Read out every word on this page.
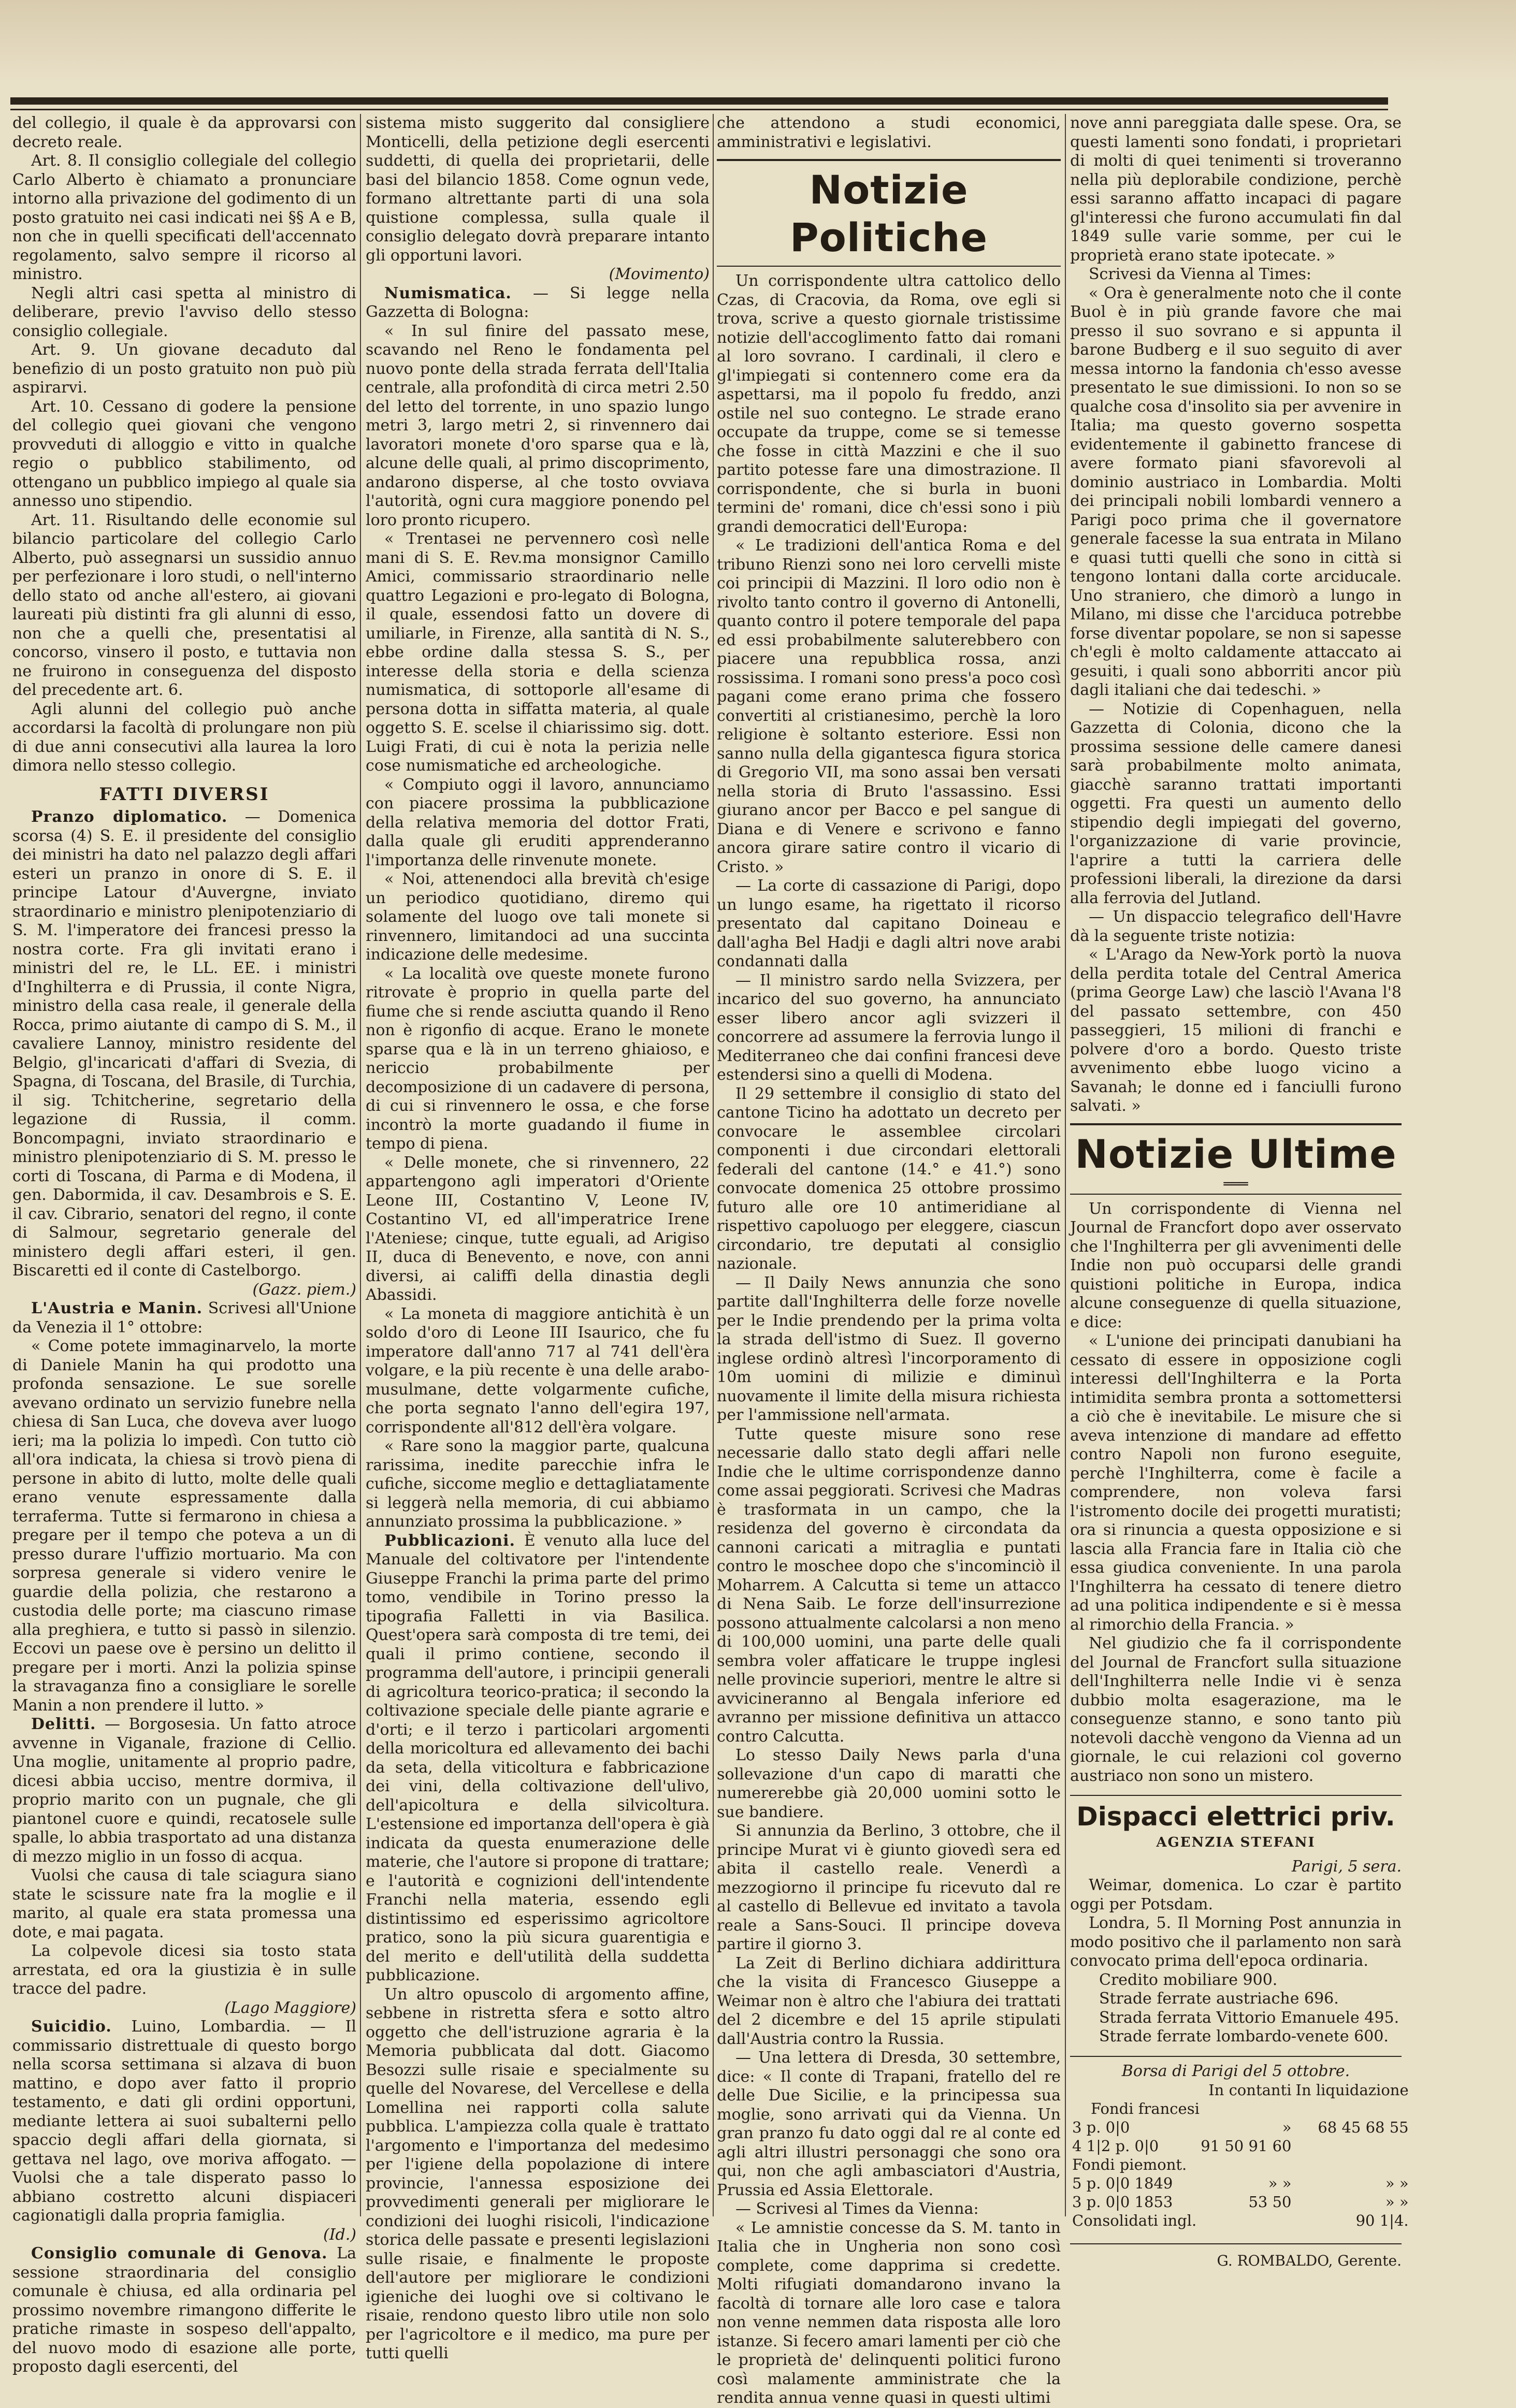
del collegio, il quale è da approvarsi con decreto reale.

Art. 8. Il consiglio collegiale del collegio Carlo Alberto è chiamato a pronunciare intorno alla privazione del godimento di un posto gratuito nei casi indicati nei §§ A e B, non che in quelli specificati dell'accennato regolamento, salvo sempre il ricorso al ministro.

Negli altri casi spetta al ministro di deliberare, previo l'avviso dello stesso consiglio collegiale.

Art. 9. Un giovane decaduto dal benefizio di un posto gratuito non può più aspirarvi.

Art. 10. Cessano di godere la pensione del collegio quei giovani che vengono provveduti di alloggio e vitto in qualche regio o pubblico stabilimento, od ottengano un pubblico impiego al quale sia annesso uno stipendio.

Art. 11. Risultando delle economie sul bilancio particolare del collegio Carlo Alberto, può assegnarsi un sussidio annuo per perfezionare i loro studi, o nell'interno dello stato od anche all'estero, ai giovani laureati più distinti fra gli alunni di esso, non che a quelli che, presentatisi al concorso, vinsero il posto, e tuttavia non ne fruirono in conseguenza del disposto del precedente art. 6.

Agli alunni del collegio può anche accordarsi la facoltà di prolungare non più di due anni consecutivi alla laurea la loro dimora nello stesso collegio.

FATTI DIVERSI

Pranzo diplomatico. — Domenica scorsa (4) S. E. il presidente del consiglio dei ministri ha dato nel palazzo degli affari esteri un pranzo in onore di S. E. il principe Latour d'Auvergne, inviato straordinario e ministro plenipotenziario di S. M. l'imperatore dei francesi presso la nostra corte. Fra gli invitati erano i ministri del re, le LL. EE. i ministri d'Inghilterra e di Prussia, il conte Nigra, ministro della casa reale, il generale della Rocca, primo aiutante di campo di S. M., il cavaliere Lannoy, ministro residente del Belgio, gl'incaricati d'affari di Svezia, di Spagna, di Toscana, del Brasile, di Turchia, il sig. Tchitcherine, segretario della legazione di Russia, il comm. Boncompagni, inviato straordinario e ministro plenipotenziario di S. M. presso le corti di Toscana, di Parma e di Modena, il gen. Dabormida, il cav. Desambrois e S. E. il cav. Cibrario, senatori del regno, il conte di Salmour, segretario generale del ministero degli affari esteri, il gen. Biscaretti ed il conte di Castelborgo.

(Gazz. piem.)

L'Austria e Manin. Scrivesi all'Unione da Venezia il 1° ottobre:

« Come potete immaginarvelo, la morte di Daniele Manin ha qui prodotto una profonda sensazione. Le sue sorelle avevano ordinato un servizio funebre nella chiesa di San Luca, che doveva aver luogo ieri; ma la polizia lo impedì. Con tutto ciò all'ora indicata, la chiesa si trovò piena di persone in abito di lutto, molte delle quali erano venute espressamente dalla terraferma. Tutte si fermarono in chiesa a pregare per il tempo che poteva a un di presso durare l'uffizio mortuario. Ma con sorpresa generale si videro venire le guardie della polizia, che restarono a custodia delle porte; ma ciascuno rimase alla preghiera, e tutto si passò in silenzio. Eccovi un paese ove è persino un delitto il pregare per i morti. Anzi la polizia spinse la stravaganza fino a consigliare le sorelle Manin a non prendere il lutto. »

Delitti. — Borgosesia. Un fatto atroce avvenne in Viganale, frazione di Cellio. Una moglie, unitamente al proprio padre, dicesi abbia ucciso, mentre dormiva, il proprio marito con un pugnale, che gli piantonel cuore e quindi, recatosele sulle spalle, lo abbia trasportato ad una distanza di mezzo miglio in un fosso di acqua.

Vuolsi che causa di tale sciagura siano state le scissure nate fra la moglie e il marito, al quale era stata promessa una dote, e mai pagata.

La colpevole dicesi sia tosto stata arrestata, ed ora la giustizia è in sulle tracce del padre.

(Lago Maggiore)

Suicidio. Luino, Lombardia. — Il commissario distrettuale di questo borgo nella scorsa settimana si alzava di buon mattino, e dopo aver fatto il proprio testamento, e dati gli ordini opportuni, mediante lettera ai suoi subalterni pello spaccio degli affari della giornata, si gettava nel lago, ove moriva affogato. — Vuolsi che a tale disperato passo lo abbiano costretto alcuni dispiaceri cagionatigli dalla propria famiglia.

(Id.)

Consiglio comunale di Genova. La sessione straordinaria del consiglio comunale è chiusa, ed alla ordinaria pel prossimo novembre rimangono differite le pratiche rimaste in sospeso dell'appalto, del nuovo modo di esazione alle porte, proposto dagli esercenti, del

sistema misto suggerito dal consigliere Monticelli, della petizione degli esercenti suddetti, di quella dei proprietarii, delle basi del bilancio 1858. Come ognun vede, formano altrettante parti di una sola quistione complessa, sulla quale il consiglio delegato dovrà preparare intanto gli opportuni lavori.

(Movimento)

Numismatica. — Si legge nella Gazzetta di Bologna:

« In sul finire del passato mese, scavando nel Reno le fondamenta pel nuovo ponte della strada ferrata dell'Italia centrale, alla profondità di circa metri 2.50 del letto del torrente, in uno spazio lungo metri 3, largo metri 2, si rinvennero dai lavoratori monete d'oro sparse qua e là, alcune delle quali, al primo discoprimento, andarono disperse, al che tosto ovviava l'autorità, ogni cura maggiore ponendo pel loro pronto ricupero.

« Trentasei ne pervennero così nelle mani di S. E. Rev.ma monsignor Camillo Amici, commissario straordinario nelle quattro Legazioni e pro-legato di Bologna, il quale, essendosi fatto un dovere di umiliarle, in Firenze, alla santità di N. S., ebbe ordine dalla stessa S. S., per interesse della storia e della scienza numismatica, di sottoporle all'esame di persona dotta in siffatta materia, al quale oggetto S. E. scelse il chiarissimo sig. dott. Luigi Frati, di cui è nota la perizia nelle cose numismatiche ed archeologiche.

« Compiuto oggi il lavoro, annunciamo con piacere prossima la pubblicazione della relativa memoria del dottor Frati, dalla quale gli eruditi apprenderanno l'importanza delle rinvenute monete.

« Noi, attenendoci alla brevità ch'esige un periodico quotidiano, diremo qui solamente del luogo ove tali monete si rinvennero, limitandoci ad una succinta indicazione delle medesime.

« La località ove queste monete furono ritrovate è proprio in quella parte del fiume che si rende asciutta quando il Reno non è rigonfio di acque. Erano le monete sparse qua e là in un terreno ghiaioso, e nericcio probabilmente per decomposizione di un cadavere di persona, di cui si rinvennero le ossa, e che forse incontrò la morte guadando il fiume in tempo di piena.

« Delle monete, che si rinvennero, 22 appartengono agli imperatori d'Oriente Leone III, Costantino V, Leone IV, Costantino VI, ed all'imperatrice Irene l'Ateniese; cinque, tutte eguali, ad Arigiso II, duca di Benevento, e nove, con anni diversi, ai califfi della dinastia degli Abassidi.

« La moneta di maggiore antichità è un soldo d'oro di Leone III Isaurico, che fu imperatore dall'anno 717 al 741 dell'èra volgare, e la più recente è una delle arabo-musulmane, dette volgarmente cufiche, che porta segnato l'anno dell'egira 197, corrispondente all'812 dell'èra volgare.

« Rare sono la maggior parte, qualcuna rarissima, inedite parecchie infra le cufiche, siccome meglio e dettagliatamente si leggerà nella memoria, di cui abbiamo annunziato prossima la pubblicazione. »

Pubblicazioni. È venuto alla luce del Manuale del coltivatore per l'intendente Giuseppe Franchi la prima parte del primo tomo, vendibile in Torino presso la tipografia Falletti in via Basilica. Quest'opera sarà composta di tre temi, dei quali il primo contiene, secondo il programma dell'autore, i principii generali di agricoltura teorico-pratica; il secondo la coltivazione speciale delle piante agrarie e d'orti; e il terzo i particolari argomenti della moricoltura ed allevamento dei bachi da seta, della viticoltura e fabbricazione dei vini, della coltivazione dell'ulivo, dell'apicoltura e della silvicoltura. L'estensione ed importanza dell'opera è già indicata da questa enumerazione delle materie, che l'autore si propone di trattare; e l'autorità e cognizioni dell'intendente Franchi nella materia, essendo egli distintissimo ed esperissimo agricoltore pratico, sono la più sicura guarentigia e del merito e dell'utilità della suddetta pubblicazione.

Un altro opuscolo di argomento affine, sebbene in ristretta sfera e sotto altro oggetto che dell'istruzione agraria è la Memoria pubblicata dal dott. Giacomo Besozzi sulle risaie e specialmente su quelle del Novarese, del Vercellese e della Lomellina nei rapporti colla salute pubblica. L'ampiezza colla quale è trattato l'argomento e l'importanza del medesimo per l'igiene della popolazione di intere provincie, l'annessa esposizione dei provvedimenti generali per migliorare le condizioni dei luoghi risicoli, l'indicazione storica delle passate e presenti legislazioni sulle risaie, e finalmente le proposte dell'autore per migliorare le condizioni igieniche dei luoghi ove si coltivano le risaie, rendono questo libro utile non solo per l'agricoltore e il medico, ma pure per tutti quelli

che attendono a studi economici, amministrativi e legislativi.

Notizie Politiche

Un corrispondente ultra cattolico dello Czas, di Cracovia, da Roma, ove egli si trova, scrive a questo giornale tristissime notizie dell'accoglimento fatto dai romani al loro sovrano. I cardinali, il clero e gl'impiegati si contennero come era da aspettarsi, ma il popolo fu freddo, anzi ostile nel suo contegno. Le strade erano occupate da truppe, come se si temesse che fosse in città Mazzini e che il suo partito potesse fare una dimostrazione. Il corrispondente, che si burla in buoni termini de' romani, dice ch'essi sono i più grandi democratici dell'Europa:

« Le tradizioni dell'antica Roma e del tribuno Rienzi sono nei loro cervelli miste coi principii di Mazzini. Il loro odio non è rivolto tanto contro il governo di Antonelli, quanto contro il potere temporale del papa ed essi probabilmente saluterebbero con piacere una repubblica rossa, anzi rossissima. I romani sono press'a poco così pagani come erano prima che fossero convertiti al cristianesimo, perchè la loro religione è soltanto esteriore. Essi non sanno nulla della gigantesca figura storica di Gregorio VII, ma sono assai ben versati nella storia di Bruto l'assassino. Essi giurano ancor per Bacco e pel sangue di Diana e di Venere e scrivono e fanno ancora girare satire contro il vicario di Cristo. »

— La corte di cassazione di Parigi, dopo un lungo esame, ha rigettato il ricorso presentato dal capitano Doineau e dall'agha Bel Hadji e dagli altri nove arabi condannati dalla

— Il ministro sardo nella Svizzera, per incarico del suo governo, ha annunciato esser libero ancor agli svizzeri il concorrere ad assumere la ferrovia lungo il Mediterraneo che dai confini francesi deve estendersi sino a quelli di Modena.

Il 29 settembre il consiglio di stato del cantone Ticino ha adottato un decreto per convocare le assemblee circolari componenti i due circondari elettorali federali del cantone (14.° e 41.°) sono convocate domenica 25 ottobre prossimo futuro alle ore 10 antimeridiane al rispettivo capoluogo per eleggere, ciascun circondario, tre deputati al consiglio nazionale.

— Il Daily News annunzia che sono partite dall'Inghilterra delle forze novelle per le Indie prendendo per la prima volta la strada dell'istmo di Suez. Il governo inglese ordinò altresì l'incorporamento di 10m uomini di milizie e diminuì nuovamente il limite della misura richiesta per l'ammissione nell'armata.

Tutte queste misure sono rese necessarie dallo stato degli affari nelle Indie che le ultime corrispondenze danno come assai peggiorati. Scrivesi che Madras è trasformata in un campo, che la residenza del governo è circondata da cannoni caricati a mitraglia e puntati contro le moschee dopo che s'incominciò il Moharrem. A Calcutta si teme un attacco di Nena Saib. Le forze dell'insurrezione possono attualmente calcolarsi a non meno di 100,000 uomini, una parte delle quali sembra voler affaticare le truppe inglesi nelle provincie superiori, mentre le altre si avvicineranno al Bengala inferiore ed avranno per missione definitiva un attacco contro Calcutta.

Lo stesso Daily News parla d'una sollevazione d'un capo di maratti che numererebbe già 20,000 uomini sotto le sue bandiere.

Si annunzia da Berlino, 3 ottobre, che il principe Murat vi è giunto giovedì sera ed abita il castello reale. Venerdì a mezzogiorno il principe fu ricevuto dal re al castello di Bellevue ed invitato a tavola reale a Sans-Souci. Il principe doveva partire il giorno 3.

La Zeit di Berlino dichiara addirittura che la visita di Francesco Giuseppe a Weimar non è altro che l'abiura dei trattati del 2 dicembre e del 15 aprile stipulati dall'Austria contro la Russia.

— Una lettera di Dresda, 30 settembre, dice: « Il conte di Trapani, fratello del re delle Due Sicilie, e la principessa sua moglie, sono arrivati qui da Vienna. Un gran pranzo fu dato oggi dal re al conte ed agli altri illustri personaggi che sono ora qui, non che agli ambasciatori d'Austria, Prussia ed Assia Elettorale.

— Scrivesi al Times da Vienna:

« Le amnistie concesse da S. M. tanto in Italia che in Ungheria non sono così complete, come dapprima si credette. Molti rifugiati domandarono invano la facoltà di tornare alle loro case e talora non venne nemmen data risposta alle loro istanze. Si fecero amari lamenti per ciò che le proprietà de' delinquenti politici furono così malamente amministrate che la rendita annua venne quasi in questi ultimi

nove anni pareggiata dalle spese. Ora, se questi lamenti sono fondati, i proprietari di molti di quei tenimenti si troveranno nella più deplorabile condizione, perchè essi saranno affatto incapaci di pagare gl'interessi che furono accumulati fin dal 1849 sulle varie somme, per cui le proprietà erano state ipotecate. »

Scrivesi da Vienna al Times:

« Ora è generalmente noto che il conte Buol è in più grande favore che mai presso il suo sovrano e si appunta il barone Budberg e il suo seguito di aver messa intorno la fandonia ch'esso avesse presentato le sue dimissioni. Io non so se qualche cosa d'insolito sia per avvenire in Italia; ma questo governo sospetta evidentemente il gabinetto francese di avere formato piani sfavorevoli al dominio austriaco in Lombardia. Molti dei principali nobili lombardi vennero a Parigi poco prima che il governatore generale facesse la sua entrata in Milano e quasi tutti quelli che sono in città si tengono lontani dalla corte arciducale. Uno straniero, che dimorò a lungo in Milano, mi disse che l'arciduca potrebbe forse diventar popolare, se non si sapesse ch'egli è molto caldamente attaccato ai gesuiti, i quali sono abborriti ancor più dagli italiani che dai tedeschi. »

— Notizie di Copenhaguen, nella Gazzetta di Colonia, dicono che la prossima sessione delle camere danesi sarà probabilmente molto animata, giacchè saranno trattati importanti oggetti. Fra questi un aumento dello stipendio degli impiegati del governo, l'organizzazione di varie provincie, l'aprire a tutti la carriera delle professioni liberali, la direzione da darsi alla ferrovia del Jutland.

— Un dispaccio telegrafico dell'Havre dà la seguente triste notizia:

« L'Arago da New-York portò la nuova della perdita totale del Central America (prima George Law) che lasciò l'Avana l'8 del passato settembre, con 450 passeggieri, 15 milioni di franchi e polvere d'oro a bordo. Questo triste avvenimento ebbe luogo vicino a Savanah; le donne ed i fanciulli furono salvati. »

Notizie Ultime
═══

Un corrispondente di Vienna nel Journal de Francfort dopo aver osservato che l'Inghilterra per gli avvenimenti delle Indie non può occuparsi delle grandi quistioni politiche in Europa, indica alcune conseguenze di quella situazione, e dice:

« L'unione dei principati danubiani ha cessato di essere in opposizione cogli interessi dell'Inghilterra e la Porta intimidita sembra pronta a sottomettersi a ciò che è inevitabile. Le misure che si aveva intenzione di mandare ad effetto contro Napoli non furono eseguite, perchè l'Inghilterra, come è facile a comprendere, non voleva farsi l'istromento docile dei progetti muratisti; ora si rinuncia a questa opposizione e si lascia alla Francia fare in Italia ciò che essa giudica conveniente. In una parola l'Inghilterra ha cessato di tenere dietro ad una politica indipendente e si è messa al rimorchio della Francia. »

Nel giudizio che fa il corrispondente del Journal de Francfort sulla situazione dell'Inghilterra nelle Indie vi è senza dubbio molta esagerazione, ma le conseguenze stanno, e sono tanto più notevoli dacchè vengono da Vienna ad un giornale, le cui relazioni col governo austriaco non sono un mistero.

Dispacci elettrici priv.
AGENZIA STEFANI

Parigi, 5 sera.

Weimar, domenica. Lo czar è partito oggi per Potsdam.

Londra, 5. Il Morning Post annunzia in modo positivo che il parlamento non sarà convocato prima dell'epoca ordinaria.

Credito mobiliare 900.

Strade ferrate austriache 696.

Strada ferrata Vittorio Emanuele 495.

Strade ferrate lombardo-venete 600.

Borsa di Parigi del 5 ottobre.

	In contanti	In liquidazione
Fondi francesi		
3 p. 0|0	»	68 45 68 55
4 1|2 p. 0|0	91 50 91 60	
Fondi piemont.		
5 p. 0|0 1849	» »	» »
3 p. 0|0 1853	53 50	» »
Consolidati ingl.		90 1|4.

G. ROMBALDO, Gerente.
